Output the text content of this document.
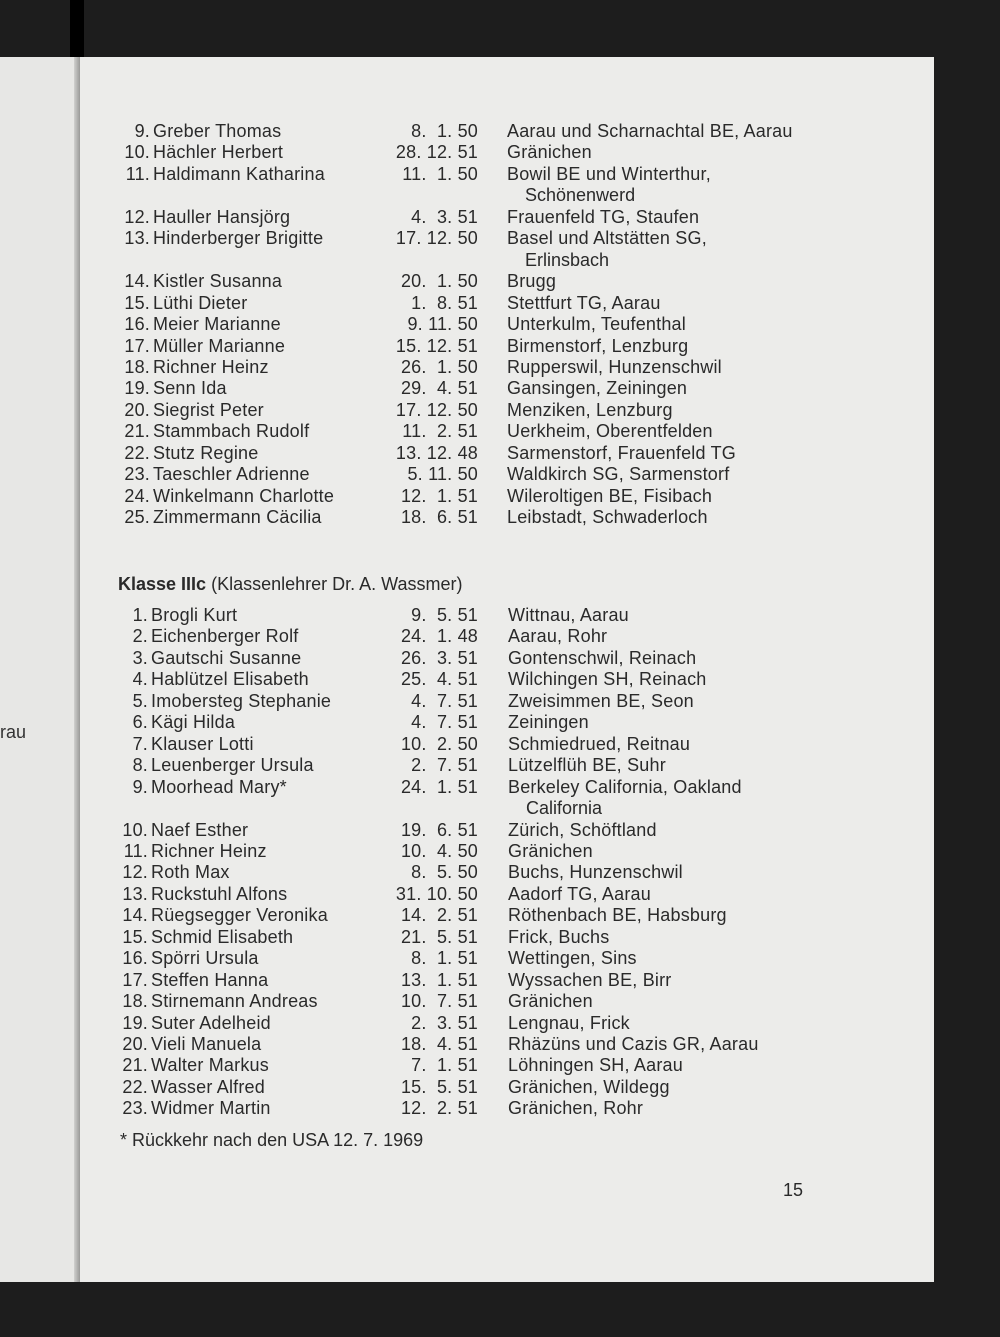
rau
9. Greber Thomas	8.  1. 50 Aarau und Scharnachtal BE, Aarau
10. Hächler Herbert	28. 12. 51 Gränichen
11. Haldimann Katharina	11.  1. 50 Bowil BE und Winterthur,
Schönenwerd
12. Hauller Hansjörg	4.  3. 51 Frauenfeld TG, Staufen
13. Hinderberger Brigitte	17. 12. 50 Basel und Altstätten SG,
Erlinsbach
14. Kistler Susanna	20.  1. 50 Brugg
15. Lüthi Dieter	1.  8. 51 Stettfurt TG, Aarau
16. Meier Marianne	9. 11. 50 Unterkulm, Teufenthal
17. Müller Marianne	15. 12. 51 Birmenstorf, Lenzburg
18. Richner Heinz	26.  1. 50 Rupperswil, Hunzenschwil
19. Senn Ida	29.  4. 51 Gansingen, Zeiningen
20. Siegrist Peter	17. 12. 50 Menziken, Lenzburg
21. Stammbach Rudolf	11.  2. 51 Uerkheim, Oberentfelden
22. Stutz Regine	13. 12. 48 Sarmenstorf, Frauenfeld TG
23. Taeschler Adrienne	5. 11. 50 Waldkirch SG, Sarmenstorf
24. Winkelmann Charlotte	12.  1. 51 Wileroltigen BE, Fisibach
25. Zimmermann Cäcilia	18.  6. 51 Leibstadt, Schwaderloch
Klasse IIIc (Klassenlehrer Dr. A. Wassmer)
1. Brogli Kurt	9.  5. 51 Wittnau, Aarau
2. Eichenberger Rolf	24.  1. 48 Aarau, Rohr
3. Gautschi Susanne	26.  3. 51 Gontenschwil, Reinach
4. Hablützel Elisabeth	25.  4. 51 Wilchingen SH, Reinach
5. Imobersteg Stephanie	4.  7. 51 Zweisimmen BE, Seon
6. Kägi Hilda	4.  7. 51 Zeiningen
7. Klauser Lotti	10.  2. 50 Schmiedrued, Reitnau
8. Leuenberger Ursula	2.  7. 51 Lützelflüh BE, Suhr
9. Moorhead Mary*	24.  1. 51 Berkeley California, Oakland
California
10. Naef Esther	19.  6. 51 Zürich, Schöftland
11. Richner Heinz	10.  4. 50 Gränichen
12. Roth Max	8.  5. 50 Buchs, Hunzenschwil
13. Ruckstuhl Alfons	31. 10. 50 Aadorf TG, Aarau
14. Rüegsegger Veronika	14.  2. 51 Röthenbach BE, Habsburg
15. Schmid Elisabeth	21.  5. 51 Frick, Buchs
16. Spörri Ursula	8.  1. 51 Wettingen, Sins
17. Steffen Hanna	13.  1. 51 Wyssachen BE, Birr
18. Stirnemann Andreas	10.  7. 51 Gränichen
19. Suter Adelheid	2.  3. 51 Lengnau, Frick
20. Vieli Manuela	18.  4. 51 Rhäzüns und Cazis GR, Aarau
21. Walter Markus	7.  1. 51 Löhningen SH, Aarau
22. Wasser Alfred	15.  5. 51 Gränichen, Wildegg
23. Widmer Martin	12.  2. 51 Gränichen, Rohr
* Rückkehr nach den USA 12. 7. 1969
15
